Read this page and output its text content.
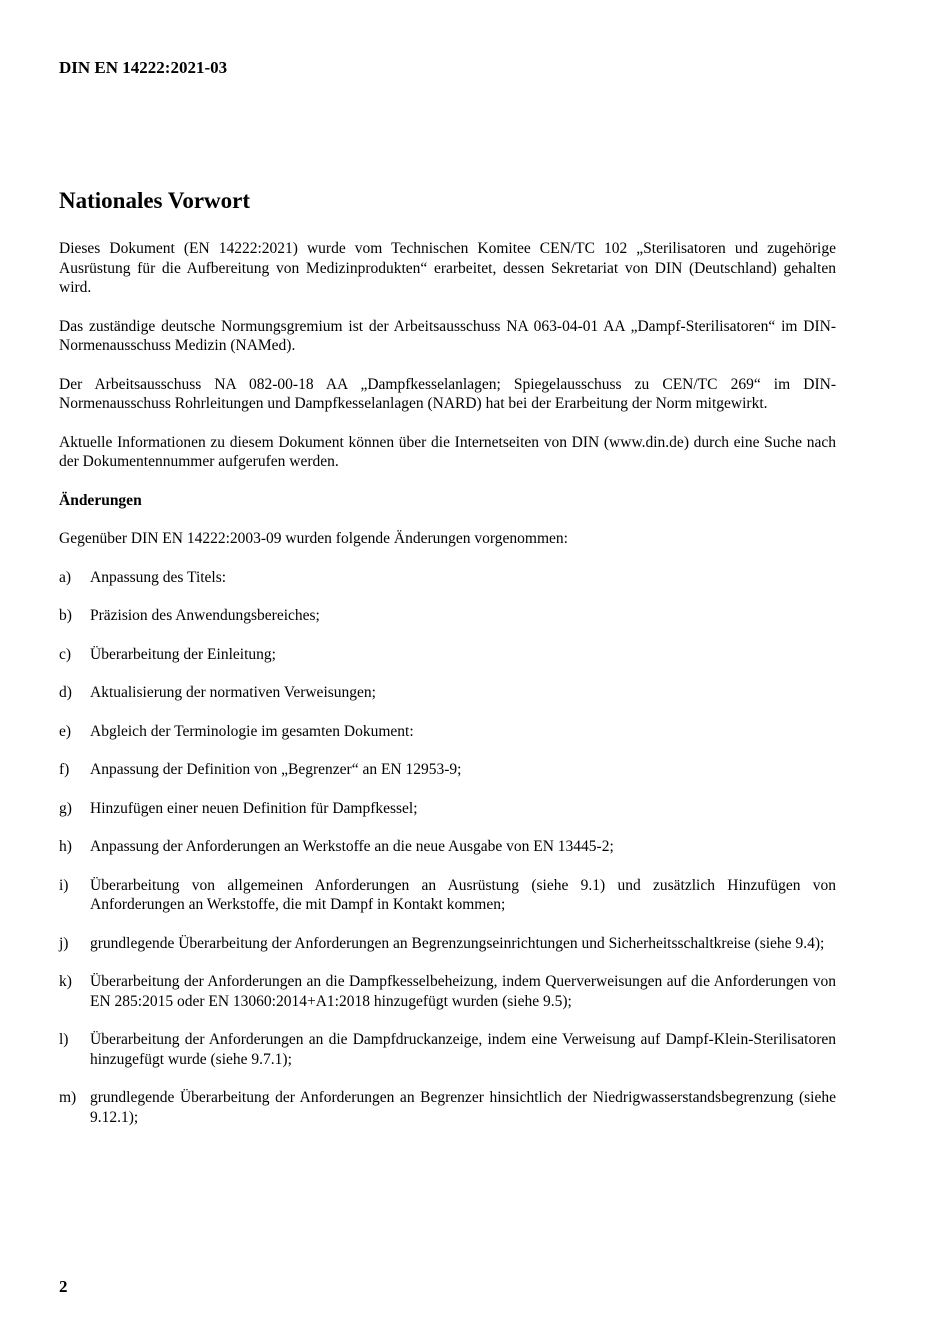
DIN EN 14222:2021-03
Nationales Vorwort

Dieses Dokument (EN 14222:2021) wurde vom Technischen Komitee CEN/TC 102 „Sterilisatoren und zugehörige Ausrüstung für die Aufbereitung von Medizinprodukten“ erarbeitet, dessen Sekretariat von DIN (Deutschland) gehalten wird.

Das zuständige deutsche Normungsgremium ist der Arbeitsausschuss NA 063-04-01 AA „Dampf-Sterilisatoren“ im DIN-Normenausschuss Medizin (NAMed).

Der Arbeitsausschuss NA 082-00-18 AA „Dampfkesselanlagen; Spiegelausschuss zu CEN/TC 269“ im DIN-Normenausschuss Rohrleitungen und Dampfkesselanlagen (NARD) hat bei der Erarbeitung der Norm mitgewirkt.

Aktuelle Informationen zu diesem Dokument können über die Internetseiten von DIN (www.din.de) durch eine Suche nach der Dokumentennummer aufgerufen werden.

Änderungen

Gegenüber DIN EN 14222:2003-09 wurden folgende Änderungen vorgenommen:

a)	Anpassung des Titels:
b)	Präzision des Anwendungsbereiches;
c)	Überarbeitung der Einleitung;
d)	Aktualisierung der normativen Verweisungen;
e)	Abgleich der Terminologie im gesamten Dokument:
f)	Anpassung der Definition von „Begrenzer“ an EN 12953-9;
g)	Hinzufügen einer neuen Definition für Dampfkessel;
h)	Anpassung der Anforderungen an Werkstoffe an die neue Ausgabe von EN 13445-2;
i)	Überarbeitung von allgemeinen Anforderungen an Ausrüstung (siehe 9.1) und zusätzlich Hinzufügen von Anforderungen an Werkstoffe, die mit Dampf in Kontakt kommen;
j)	grundlegende Überarbeitung der Anforderungen an Begrenzungseinrichtungen und Sicherheitsschaltkreise (siehe 9.4);
k)	Überarbeitung der Anforderungen an die Dampfkesselbeheizung, indem Querverweisungen auf die Anforderungen von EN 285:2015 oder EN 13060:2014+A1:2018 hinzugefügt wurden (siehe 9.5);
l)	Überarbeitung der Anforderungen an die Dampfdruckanzeige, indem eine Verweisung auf Dampf-Klein-Sterilisatoren hinzugefügt wurde (siehe 9.7.1);
m) grundlegende Überarbeitung der Anforderungen an Begrenzer hinsichtlich der Niedrigwasserstandsbegrenzung (siehe 9.12.1);
2
